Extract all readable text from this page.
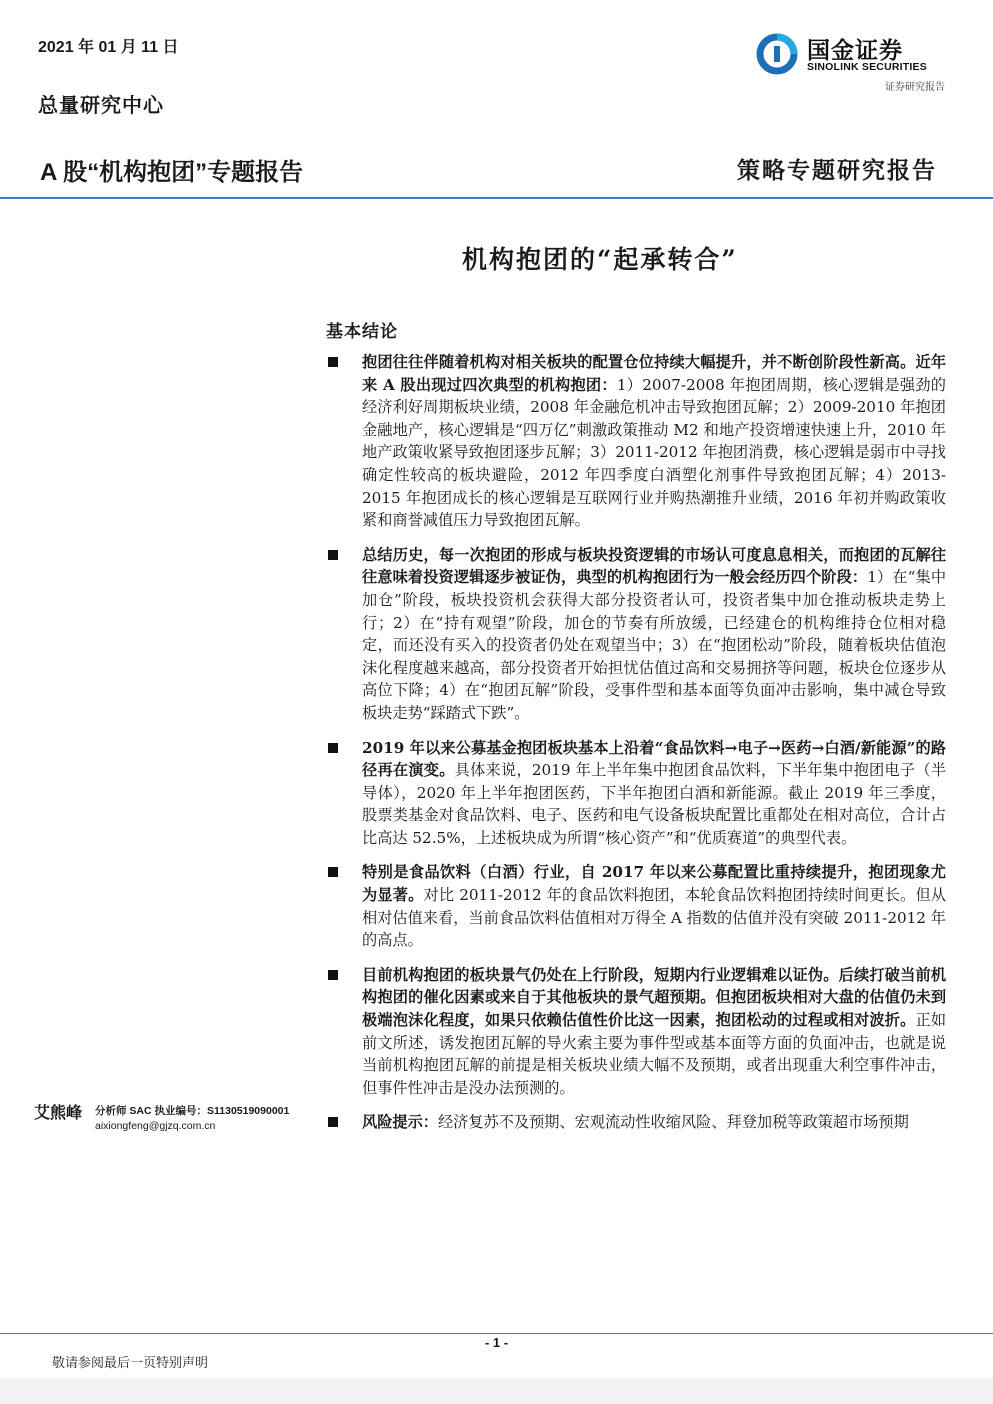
2021 年 01 月 11 日
总量研究中心
国金证券
SINOLINK SECURITIES
证券研究报告
A 股“机构抱团”专题报告	策略专题研究报告
机构抱团的“起承转合”
基本结论
抱团往往伴随着机构对相关板块的配置仓位持续大幅提升，并不断创阶段性新高。近年来 A 股出现过四次典型的机构抱团：1）2007-2008 年抱团周期，核心逻辑是强劲的经济利好周期板块业绩，2008 年金融危机冲击导致抱团瓦解；2）2009-2010 年抱团金融地产，核心逻辑是“四万亿”刺激政策推动 M2 和地产投资增速快速上升，2010 年地产政策收紧导致抱团逐步瓦解；3）2011-2012 年抱团消费，核心逻辑是弱市中寻找确定性较高的板块避险，2012 年四季度白酒塑化剂事件导致抱团瓦解；4）2013-2015 年抱团成长的核心逻辑是互联网行业并购热潮推升业绩，2016 年初并购政策收紧和商誉减值压力导致抱团瓦解。
总结历史，每一次抱团的形成与板块投资逻辑的市场认可度息息相关，而抱团的瓦解往往意味着投资逻辑逐步被证伪，典型的机构抱团行为一般会经历四个阶段：1）在“集中加仓”阶段，板块投资机会获得大部分投资者认可，投资者集中加仓推动板块走势上行；2）在“持有观望”阶段，加仓的节奏有所放缓，已经建仓的机构维持仓位相对稳定，而还没有买入的投资者仍处在观望当中；3）在“抱团松动”阶段，随着板块估值泡沫化程度越来越高，部分投资者开始担忧估值过高和交易拥挤等问题，板块仓位逐步从高位下降；4）在“抱团瓦解”阶段，受事件型和基本面等负面冲击影响，集中减仓导致板块走势“踩踏式下跌”。
2019 年以来公募基金抱团板块基本上沿着“食品饮料→电子→医药→白酒/新能源”的路径再在演变。具体来说，2019 年上半年集中抱团食品饮料，下半年集中抱团电子（半导体），2020 年上半年抱团医药，下半年抱团白酒和新能源。截止 2019 年三季度，股票类基金对食品饮料、电子、医药和电气设备板块配置比重都处在相对高位，合计占比高达 52.5%，上述板块成为所谓“核心资产”和“优质赛道”的典型代表。
特别是食品饮料（白酒）行业，自 2017 年以来公募配置比重持续提升，抱团现象尤为显著。对比 2011-2012 年的食品饮料抱团，本轮食品饮料抱团持续时间更长。但从相对估值来看，当前食品饮料估值相对万得全 A 指数的估值并没有突破 2011-2012 年的高点。
目前机构抱团的板块景气仍处在上行阶段，短期内行业逻辑难以证伪。后续打破当前机构抱团的催化因素或来自于其他板块的景气超预期。但抱团板块相对大盘的估值仍未到极端泡沫化程度，如果只依赖估值性价比这一因素，抱团松动的过程或相对波折。正如前文所述，诱发抱团瓦解的导火索主要为事件型或基本面等方面的负面冲击，也就是说当前机构抱团瓦解的前提是相关板块业绩大幅不及预期，或者出现重大利空事件冲击，但事件性冲击是没办法预测的。
风险提示：经济复苏不及预期、宏观流动性收缩风险、拜登加税等政策超市场预期
艾熊峰 分析师 SAC 执业编号：S1130519090001
aixiongfeng@gjzq.com.cn
- 1 -
敬请参阅最后一页特别声明
